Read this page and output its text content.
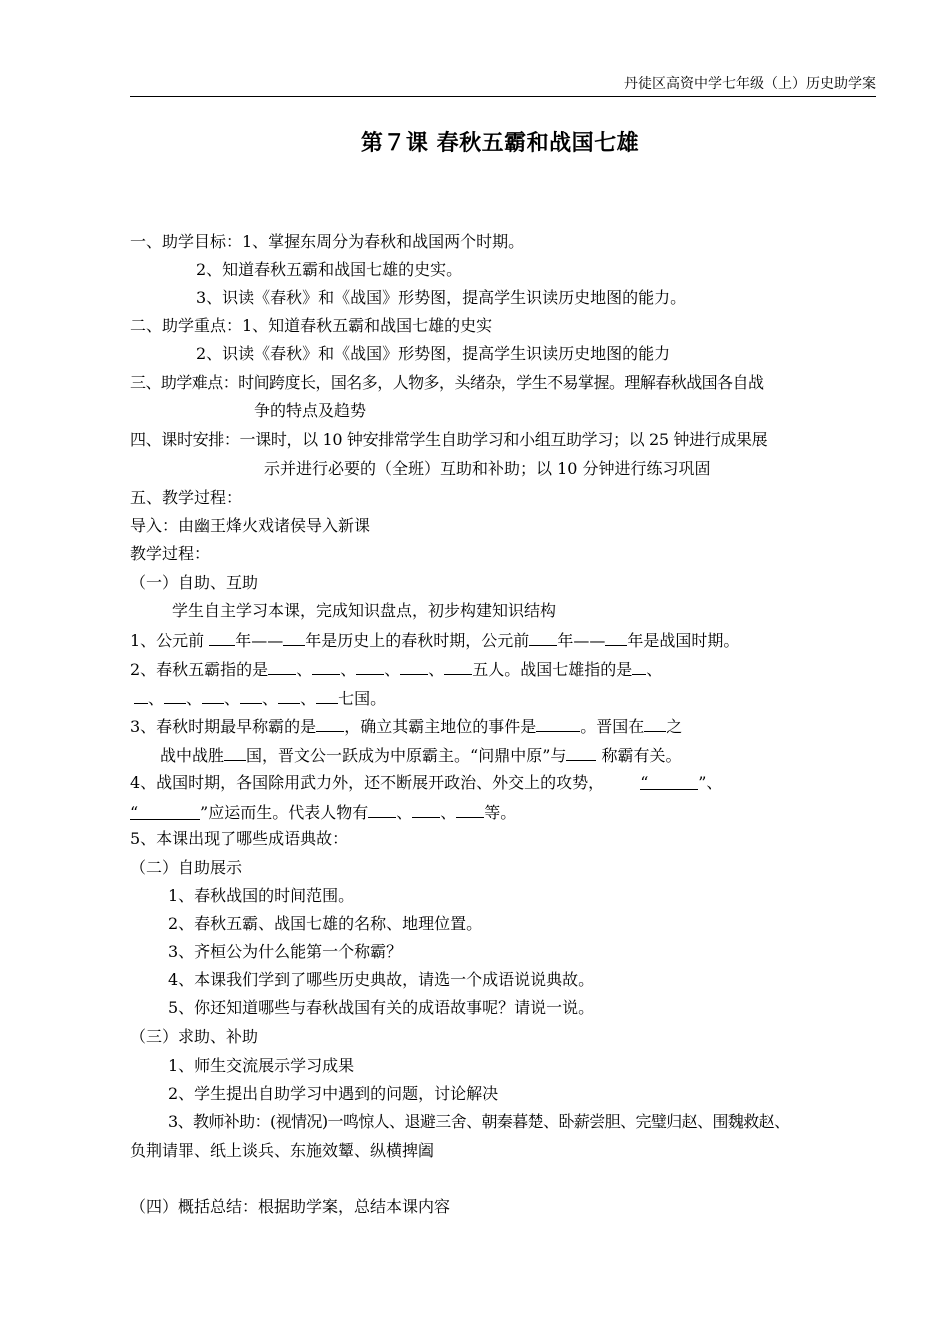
丹徒区高资中学七年级（上）历史助学案
第７课 春秋五霸和战国七雄
一、助学目标：1、掌握东周分为春秋和战国两个时期。
2、知道春秋五霸和战国七雄的史实。
3、识读《春秋》和《战国》形势图，提高学生识读历史地图的能力。
二、助学重点：1、知道春秋五霸和战国七雄的史实
2、识读《春秋》和《战国》形势图，提高学生识读历史地图的能力
三、助学难点：时间跨度长，国名多，人物多，头绪杂，学生不易掌握。理解春秋战国各自战
争的特点及趋势
四、课时安排：一课时，以 10 钟安排常学生自助学习和小组互助学习；以 25 钟进行成果展
示并进行必要的（全班）互助和补助；以 10 分钟进行练习巩固
五、教学过程：
导入：由幽王烽火戏诸侯导入新课
教学过程：
（一）自助、互助
学生自主学习本课，完成知识盘点，初步构建知识结构
1、公元前 年—— 年是历史上的春秋时期，公元前 年—— 年是战国时期。
2、春秋五霸指的是 、 、 、 、 五人。战国七雄指的是 、
、 、 、 、 、 七国。
3、春秋时期最早称霸的是 ，确立其霸主地位的事件是	。晋国在 之
战中战胜 国，晋文公一跃成为中原霸主。“问鼎中原”与 称霸有关。
4、战国时期，各国除用武力外，还不断展开政治、外交上的攻势， “	”、
“	”应运而生。代表人物有 、 、 等。
5、本课出现了哪些成语典故：
（二）自助展示
1、春秋战国的时间范围。
2、春秋五霸、战国七雄的名称、地理位置。
3、齐桓公为什么能第一个称霸？
4、本课我们学到了哪些历史典故，请选一个成语说说典故。
5、你还知道哪些与春秋战国有关的成语故事呢？请说一说。
（三）求助、补助
1、师生交流展示学习成果
2、学生提出自助学习中遇到的问题，讨论解决
3、教师补助：(视情况)一鸣惊人、退避三舍、朝秦暮楚、卧薪尝胆、完璧归赵、围魏救赵、
负荆请罪、纸上谈兵、东施效颦、纵横捭阖
（四）概括总结：根据助学案，总结本课内容
